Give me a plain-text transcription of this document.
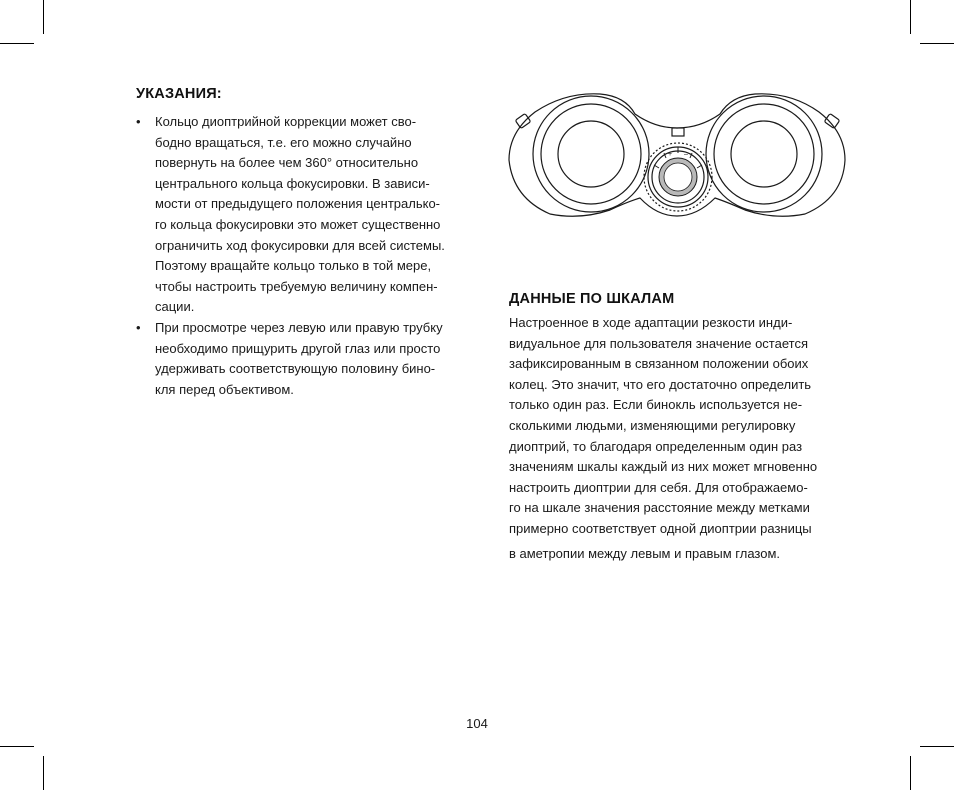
УКАЗАНИЯ:
• Кольцо диоптрийной коррекции может сво-
бодно вращаться, т.е. его можно случайно
повернуть на более чем 360° относительно
центрального кольца фокусировки. В зависи-
мости от предыдущего положения централько-
го кольца фокусировки это может существенно
ограничить ход фокусировки для всей системы.
Поэтому вращайте кольцо только в той мере,
чтобы настроить требуемую величину компен-
сации.
• При просмотре через левую или правую трубку
необходимо прищурить другой глаз или просто
удерживать соответствующую половину бино-
кля перед объективом.
+ –
ДАННЫЕ ПО ШКАЛАМ
Настроенное в ходе адаптации резкости инди-
видуальное для пользователя значение остается
зафиксированным в связанном положении обоих
колец. Это значит, что его достаточно определить
только один раз. Если бинокль используется не-
сколькими людьми, изменяющими регулировку
диоптрий, то благодаря определенным один раз
значениям шкалы каждый из них может мгновенно
настроить диоптрии для себя. Для отображаемо-
го на шкале значения расстояние между метками
примерно соответствует одной диоптрии разницы
в аметропии между левым и правым глазом.

104
